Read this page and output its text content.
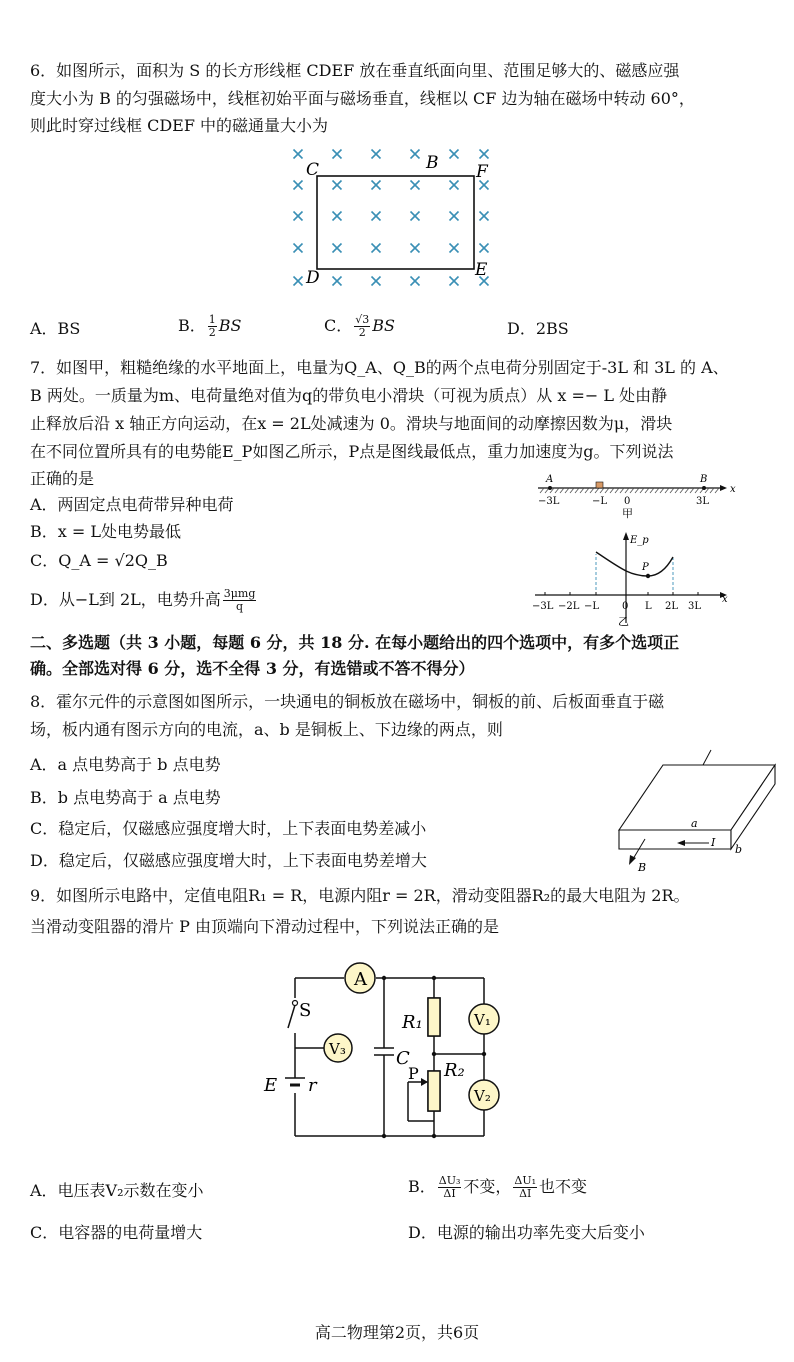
6．如图所示，面积为 S 的长方形线框 CDEF 放在垂直纸面向里、范围足够大的、磁感应强
度大小为 B 的匀强磁场中，线框初始平面与磁场垂直，线框以 CF 边为轴在磁场中转动 60°，
则此时穿过线框 CDEF 中的磁通量大小为
C	B F
D	E
A．BS	B． $\frac{1}{2}$ BS	C． $\frac{√3}{2}$ BS	D．2BS
7．如图甲，粗糙绝缘的水平地面上，电量为Q_A、Q_B的两个点电荷分别固定于-3L 和 3L 的 A、
B 两处。一质量为m、电荷量绝对值为q的带负电小滑块（可视为质点）从 x =− L 处由静
止释放后沿 x 轴正方向运动，在x = 2L处减速为 0。滑块与地面间的动摩擦因数为μ，滑块
在不同位置所具有的电势能E_P如图乙所示，P点是图线最低点，重力加速度为g。下列说法
正确的是
A．两固定点电荷带异种电荷
B．x = L处电势最低
C．Q_A = √2Q_B
D．从−L到 2L，电势升高 $\frac{\text{3μmg}}{q}$
A	B
−3L	−L 0	3L
x
甲
E_p
P
−3L −2L −L 0 L 2L 3L
x
乙
二、多选题（共 3 小题，每题 6 分，共 18 分. 在每小题给出的四个选项中，有多个选项正
确。全部选对得 6 分，选不全得 3 分，有选错或不答不得分）
8．霍尔元件的示意图如图所示，一块通电的铜板放在磁场中，铜板的前、后板面垂直于磁
场，板内通有图示方向的电流，a、b 是铜板上、下边缘的两点，则
A．a 点电势高于 b 点电势
B．b 点电势高于 a 点电势
C．稳定后，仅磁感应强度增大时，上下表面电势差减小
D．稳定后，仅磁感应强度增大时，上下表面电势差增大
a
b
I
B
9．如图所示电路中，定值电阻R₁ = R，电源内阻r = 2R，滑动变阻器R₂的最大电阻为 2R。
当滑动变阻器的滑片 P 由顶端向下滑动过程中，下列说法正确的是
A
S
V₃	C
R₁	V₁
R₂
P
V₂
E r
A．电压表V₂示数在变小	B． $\frac{\text{ΔU₃}}{\Delta I}$ 不变， $\frac{\text{ΔU₁}}{\Delta I}$ 也不变
C．电容器的电荷量增大	D．电源的输出功率先变大后变小
高二物理第2页，共6页
